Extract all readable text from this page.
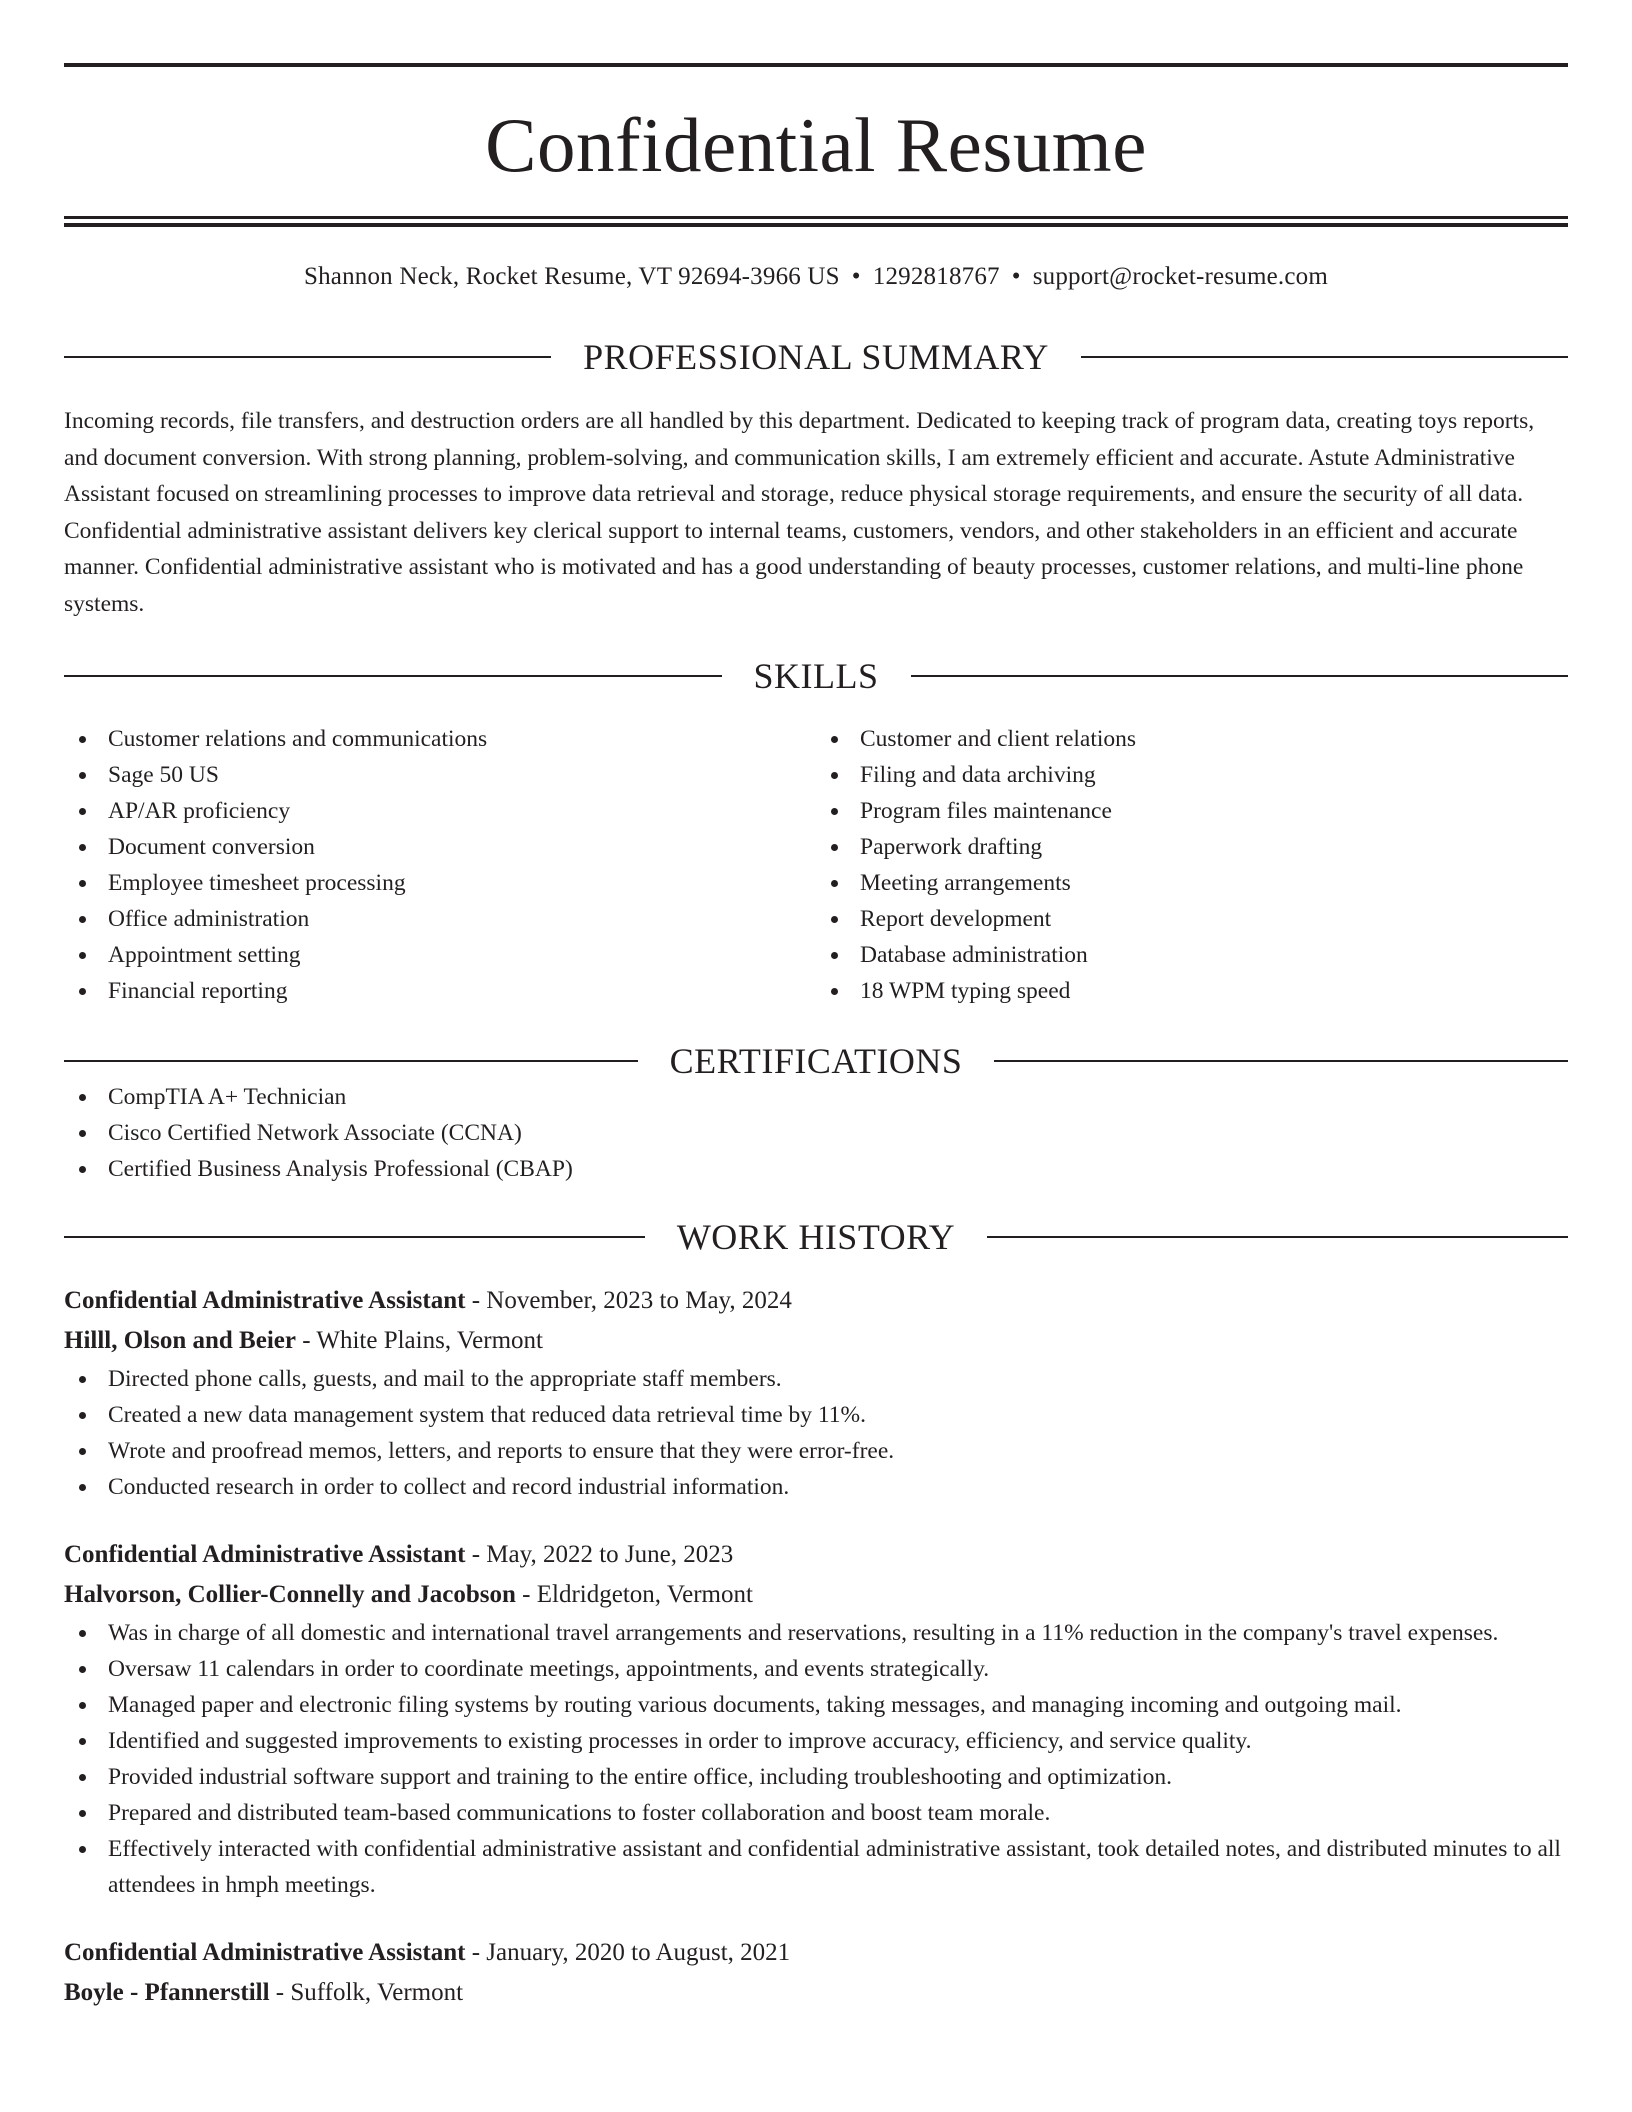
Confidential Resume
Shannon Neck, Rocket Resume, VT 92694-3966 US • 1292818767 • support@rocket-resume.com
PROFESSIONAL SUMMARY

Incoming records, file transfers, and destruction orders are all handled by this department. Dedicated to keeping track of program data, creating toys reports, and document conversion. With strong planning, problem-solving, and communication skills, I am extremely efficient and accurate. Astute Administrative Assistant focused on streamlining processes to improve data retrieval and storage, reduce physical storage requirements, and ensure the security of all data. Confidential administrative assistant delivers key clerical support to internal teams, customers, vendors, and other stakeholders in an efficient and accurate manner. Confidential administrative assistant who is motivated and has a good understanding of beauty processes, customer relations, and multi-line phone systems.

SKILLS
Customer relations and communications
Sage 50 US
AP/AR proficiency
Document conversion
Employee timesheet processing
Office administration
Appointment setting
Financial reporting
Customer and client relations
Filing and data archiving
Program files maintenance
Paperwork drafting
Meeting arrangements
Report development
Database administration
18 WPM typing speed
CERTIFICATIONS
CompTIA A+ Technician
Cisco Certified Network Associate (CCNA)
Certified Business Analysis Professional (CBAP)
WORK HISTORY
Confidential Administrative Assistant - November, 2023 to May, 2024
Hilll, Olson and Beier - White Plains, Vermont
Directed phone calls, guests, and mail to the appropriate staff members.
Created a new data management system that reduced data retrieval time by 11%.
Wrote and proofread memos, letters, and reports to ensure that they were error-free.
Conducted research in order to collect and record industrial information.
Confidential Administrative Assistant - May, 2022 to June, 2023
Halvorson, Collier-Connelly and Jacobson - Eldridgeton, Vermont
Was in charge of all domestic and international travel arrangements and reservations, resulting in a 11% reduction in the company's travel expenses.
Oversaw 11 calendars in order to coordinate meetings, appointments, and events strategically.
Managed paper and electronic filing systems by routing various documents, taking messages, and managing incoming and outgoing mail.
Identified and suggested improvements to existing processes in order to improve accuracy, efficiency, and service quality.
Provided industrial software support and training to the entire office, including troubleshooting and optimization.
Prepared and distributed team-based communications to foster collaboration and boost team morale.
Effectively interacted with confidential administrative assistant and confidential administrative assistant, took detailed notes, and distributed minutes to all attendees in hmph meetings.
Confidential Administrative Assistant - January, 2020 to August, 2021
Boyle - Pfannerstill - Suffolk, Vermont
